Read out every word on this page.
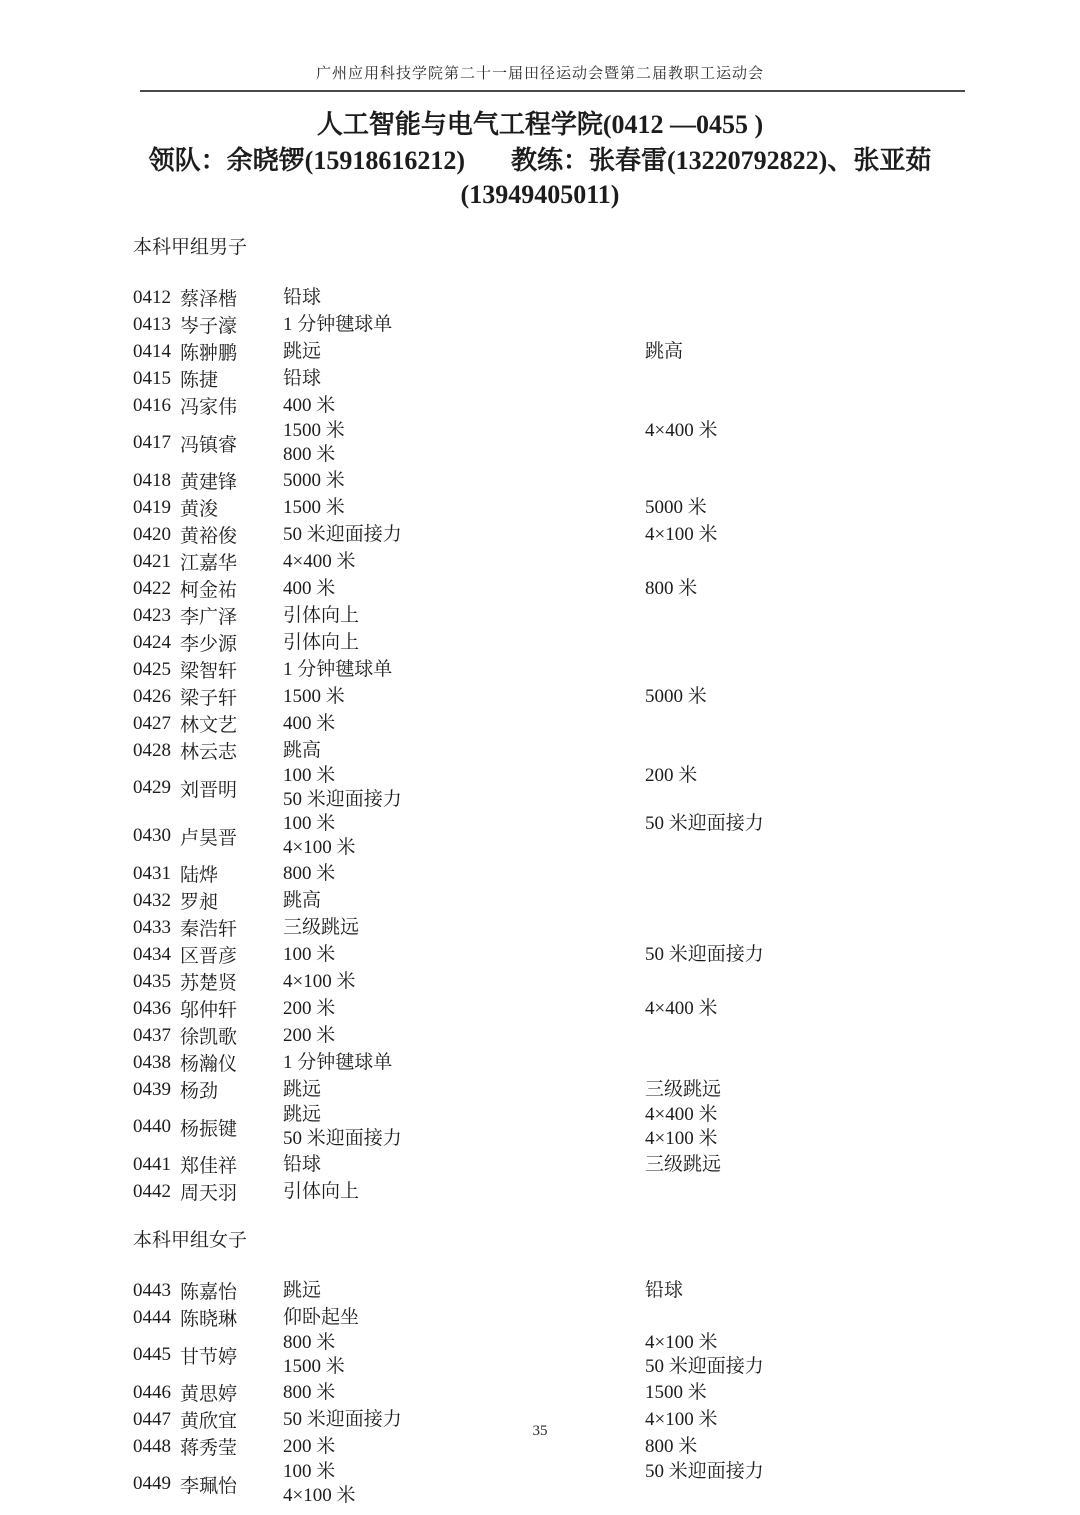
广州应用科技学院第二十一届田径运动会暨第二届教职工运动会
人工智能与电气工程学院(0412 —0455 )
领队：余晓锣(15918616212) 教练：张春雷(13220792822)、张亚茹
(13949405011)
本科甲组男子
0412 蔡泽楷	铅球
0413 岑子濠	1 分钟毽球单
0414 陈翀鹏	跳远	跳高
0415 陈捷	铅球
0416 冯家伟	400 米
0417 冯镇睿
1500 米	4×400 米
800 米
0418 黄建锋	5000 米
0419 黄浚	1500 米	5000 米
0420 黄裕俊	50 米迎面接力	4×100 米
0421 江嘉华	4×400 米
0422 柯金祐	400 米	800 米
0423 李广泽	引体向上
0424 李少源	引体向上
0425 梁智轩	1 分钟毽球单
0426 梁子轩	1500 米	5000 米
0427 林文艺	400 米
0428 林云志	跳高
0429 刘晋明
100 米	200 米
50 米迎面接力
0430 卢昊晋
100 米	50 米迎面接力
4×100 米
0431 陆烨	800 米
0432 罗昶	跳高
0433 秦浩轩	三级跳远
0434 区晋彦	100 米	50 米迎面接力
0435 苏楚贤	4×100 米
0436 邬仲轩	200 米	4×400 米
0437 徐凯歌	200 米
0438 杨瀚仪	1 分钟毽球单
0439 杨劲	跳远	三级跳远
0440 杨振键
跳远	4×400 米
50 米迎面接力	4×100 米
0441 郑佳祥	铅球	三级跳远
0442 周天羽	引体向上
本科甲组女子
0443 陈嘉怡	跳远	铅球
0444 陈晓琳	仰卧起坐
0445 甘节婷
800 米	4×100 米
1500 米	50 米迎面接力
0446 黄思婷	800 米	1500 米
0447 黄欣宜	50 米迎面接力	4×100 米
0448 蒋秀莹	200 米	800 米
0449 李珮怡
100 米	50 米迎面接力
4×100 米
35
